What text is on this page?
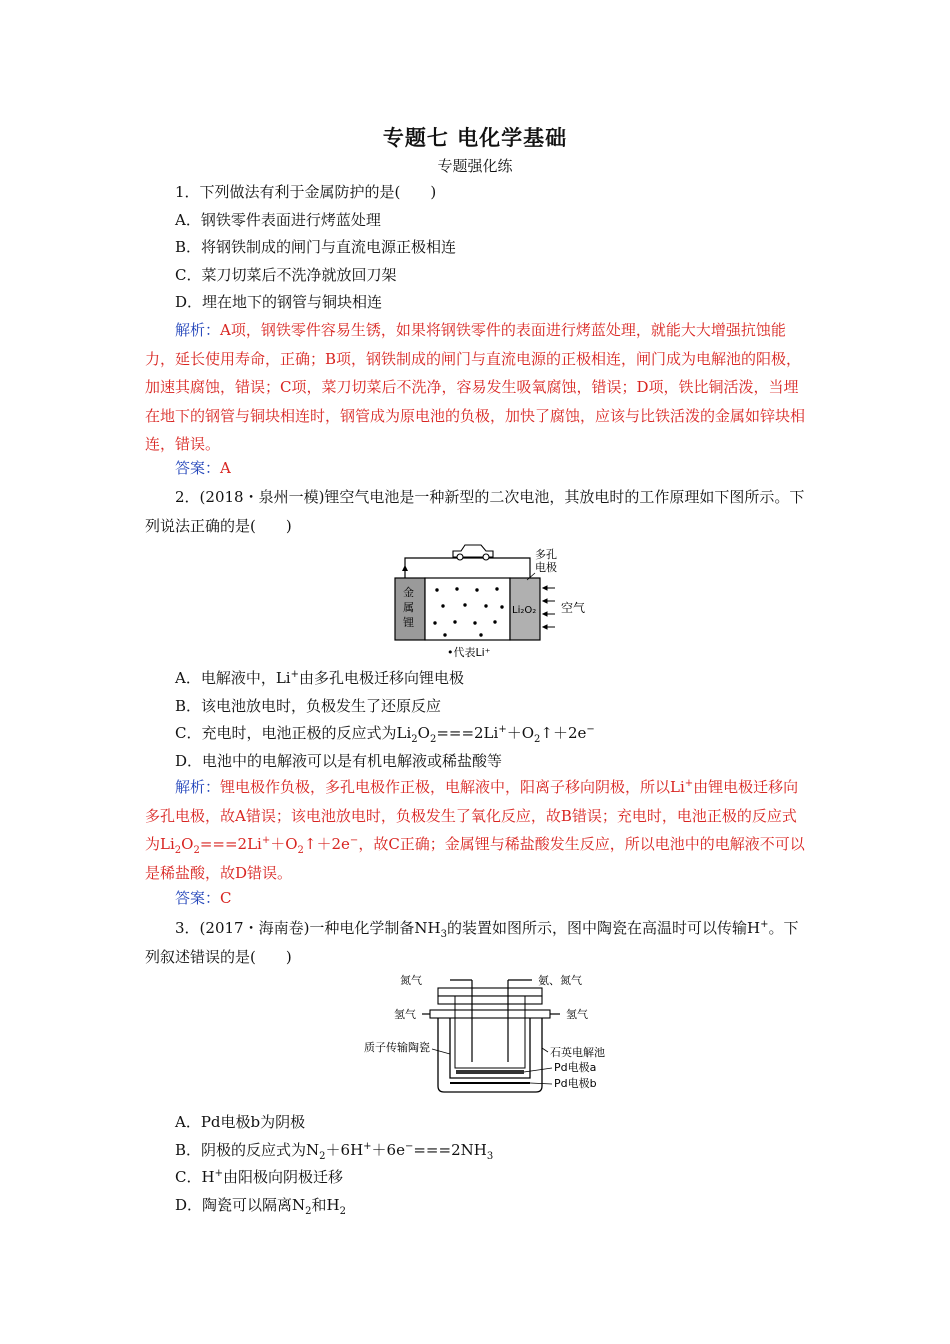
专题七 电化学基础
专题强化练
1．下列做法有利于金属防护的是(　　)
A．钢铁零件表面进行烤蓝处理
B．将钢铁制成的闸门与直流电源正极相连
C．菜刀切菜后不洗净就放回刀架
D．埋在地下的钢管与铜块相连
解析：A项，钢铁零件容易生锈，如果将钢铁零件的表面进行烤蓝处理，就能大大增强抗蚀能力，延长使用寿命，正确；B项，钢铁制成的闸门与直流电源的正极相连，闸门成为电解池的阳极，加速其腐蚀，错误；C项，菜刀切菜后不洗净，容易发生吸氧腐蚀，错误；D项，铁比铜活泼，当埋在地下的钢管与铜块相连时，钢管成为原电池的负极，加快了腐蚀，应该与比铁活泼的金属如锌块相连，错误。
答案：A
2．(2018・泉州一模)锂空气电池是一种新型的二次电池，其放电时的工作原理如下图所示。下列说法正确的是(　　)
多孔
电极
金
属
锂
Li₂O₂ 空气
•代表Li⁺
A．电解液中，Li+由多孔电极迁移向锂电极
B．该电池放电时，负极发生了还原反应
C．充电时，电池正极的反应式为$Li_2O_2===2Li^++O_2↑+2e^-$
D．电池中的电解液可以是有机电解液或稀盐酸等
解析：锂电极作负极，多孔电极作正极，电解液中，阳离子移向阴极，所以Li+由锂电极迁移向多孔电极，故A错误；该电池放电时，负极发生了氧化反应，故B错误；充电时，电池正极的反应式为$Li_2O_2===2Li^++O_2↑+2e^-$，故C正确；金属锂与稀盐酸发生反应，所以电池中的电解液不可以是稀盐酸，故D错误。
答案：C
3．(2017・海南卷)一种电化学制备$NH_3$的装置如图所示，图中陶瓷在高温时可以传输H+。下列叙述错误的是(　　)
氮气	氨、氮气
氢气	氢气
质子传输陶瓷	石英电解池
Pd电极a
Pd电极b
A．Pd电极b为阴极
B．阴极的反应式为$N_2+6H^++6e^-===2NH_3$
C．H+由阳极向阴极迁移
D．陶瓷可以隔离$N_2$和$H_2$
